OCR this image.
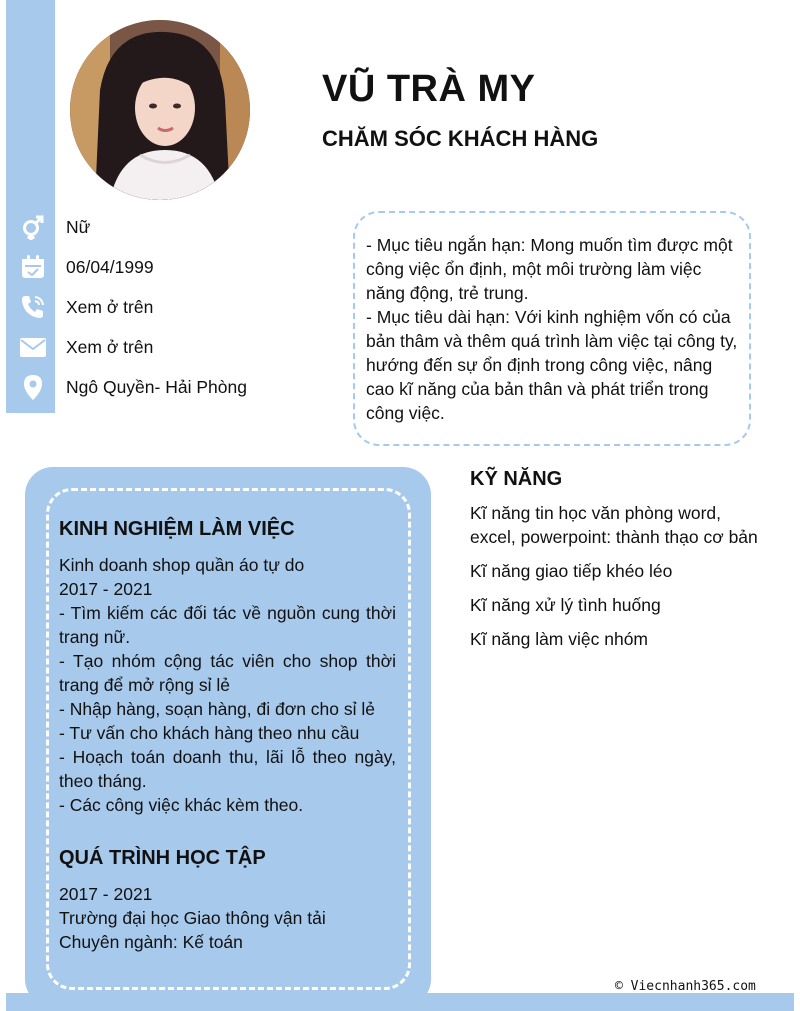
VŨ TRÀ MY
CHĂM SÓC KHÁCH HÀNG
Nữ
06/04/1999
Xem ở trên
Xem ở trên
Ngô Quyền- Hải Phòng

- Mục tiêu ngắn hạn: Mong muốn tìm được một công việc ổn định, một môi trường làm việc năng động, trẻ trung.

- Mục tiêu dài hạn: Với kinh nghiệm vốn có của bản thâm và thêm quá trình làm việc tại công ty, hướng đến sự ổn định trong công việc, nâng cao kĩ năng của bản thân và phát triển trong công việc.

KINH NGHIỆM LÀM VIỆC
Kinh doanh shop quần áo tự do
2017 - 2021
- Tìm kiếm các đối tác về nguồn cung thời trang nữ.
- Tạo nhóm cộng tác viên cho shop thời trang để mở rộng sỉ lẻ
- Nhập hàng, soạn hàng, đi đơn cho sỉ lẻ
- Tư vấn cho khách hàng theo nhu cầu
- Hoạch toán doanh thu, lãi lỗ theo ngày, theo tháng.
- Các công việc khác kèm theo.
QUÁ TRÌNH HỌC TẬP
2017 - 2021
Trường đại học Giao thông vận tải
Chuyên ngành: Kế toán
KỸ NĂNG
Kĩ năng tin học văn phòng word, excel, powerpoint: thành thạo cơ bản
Kĩ năng giao tiếp khéo léo
Kĩ năng xử lý tình huống
Kĩ năng làm việc nhóm
© Viecnhanh365.com
